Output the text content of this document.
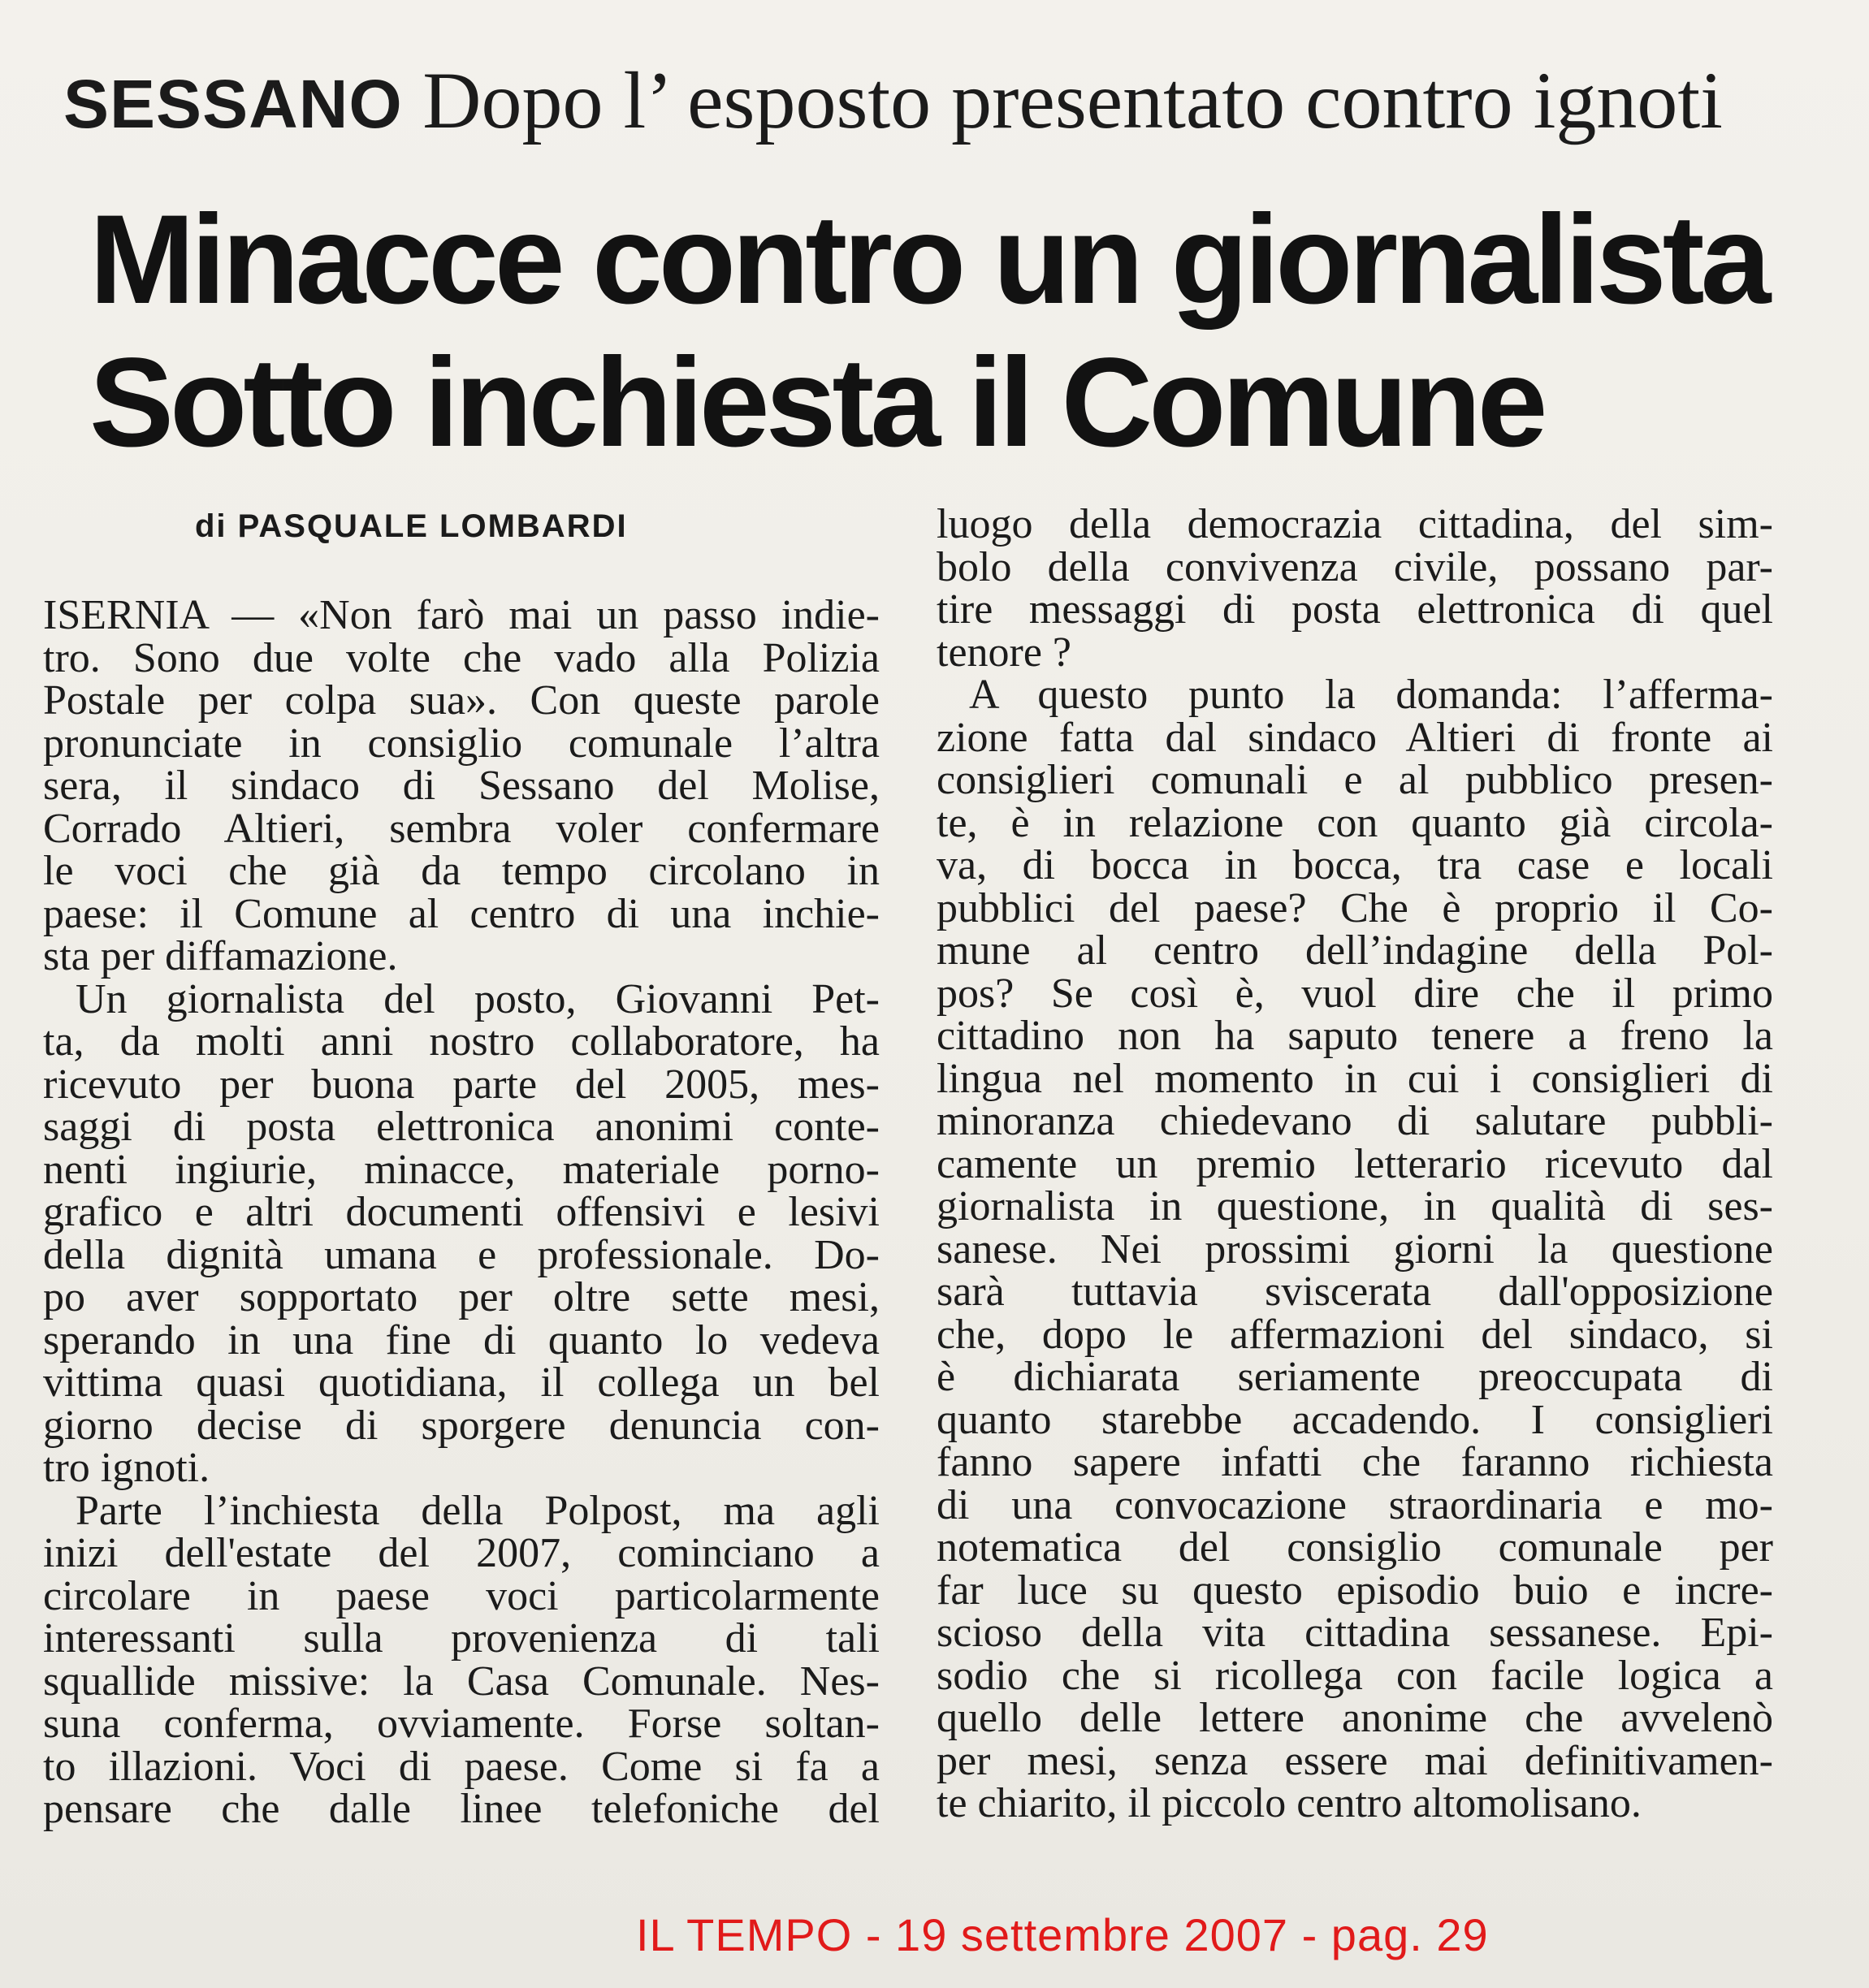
SESSANO Dopo l’ esposto presentato contro ignoti
Minacce contro un giornalista
Sotto inchiesta il Comune
di PASQUALE LOMBARDI
ISERNIA — «Non farò mai un passo indie-
tro. Sono due volte che vado alla Polizia
Postale per colpa sua». Con queste parole
pronunciate in consiglio comunale l’altra
sera, il sindaco di Sessano del Molise,
Corrado Altieri, sembra voler confermare
le voci che già da tempo circolano in
paese: il Comune al centro di una inchie-
sta per diffamazione.
Un giornalista del posto, Giovanni Pet-
ta, da molti anni nostro collaboratore, ha
ricevuto per buona parte del 2005, mes-
saggi di posta elettronica anonimi conte-
nenti ingiurie, minacce, materiale porno-
grafico e altri documenti offensivi e lesivi
della dignità umana e professionale. Do-
po aver sopportato per oltre sette mesi,
sperando in una fine di quanto lo vedeva
vittima quasi quotidiana, il collega un bel
giorno decise di sporgere denuncia con-
tro ignoti.
Parte l’inchiesta della Polpost, ma agli
inizi dell'estate del 2007, cominciano a
circolare in paese voci particolarmente
interessanti sulla provenienza di tali
squallide missive: la Casa Comunale. Nes-
suna conferma, ovviamente. Forse soltan-
to illazioni. Voci di paese. Come si fa a
pensare che dalle linee telefoniche del
luogo della democrazia cittadina, del sim-
bolo della convivenza civile, possano par-
tire messaggi di posta elettronica di quel
tenore ?
A questo punto la domanda: l’afferma-
zione fatta dal sindaco Altieri di fronte ai
consiglieri comunali e al pubblico presen-
te, è in relazione con quanto già circola-
va, di bocca in bocca, tra case e locali
pubblici del paese? Che è proprio il Co-
mune al centro dell’indagine della Pol-
pos? Se così è, vuol dire che il primo
cittadino non ha saputo tenere a freno la
lingua nel momento in cui i consiglieri di
minoranza chiedevano di salutare pubbli-
camente un premio letterario ricevuto dal
giornalista in questione, in qualità di ses-
sanese. Nei prossimi giorni la questione
sarà tuttavia sviscerata dall'opposizione
che, dopo le affermazioni del sindaco, si
è dichiarata seriamente preoccupata di
quanto starebbe accadendo. I consiglieri
fanno sapere infatti che faranno richiesta
di una convocazione straordinaria e mo-
notematica del consiglio comunale per
far luce su questo episodio buio e incre-
scioso della vita cittadina sessanese. Epi-
sodio che si ricollega con facile logica a
quello delle lettere anonime che avvelenò
per mesi, senza essere mai definitivamen-
te chiarito, il piccolo centro altomolisano.
IL TEMPO - 19 settembre 2007 - pag. 29
